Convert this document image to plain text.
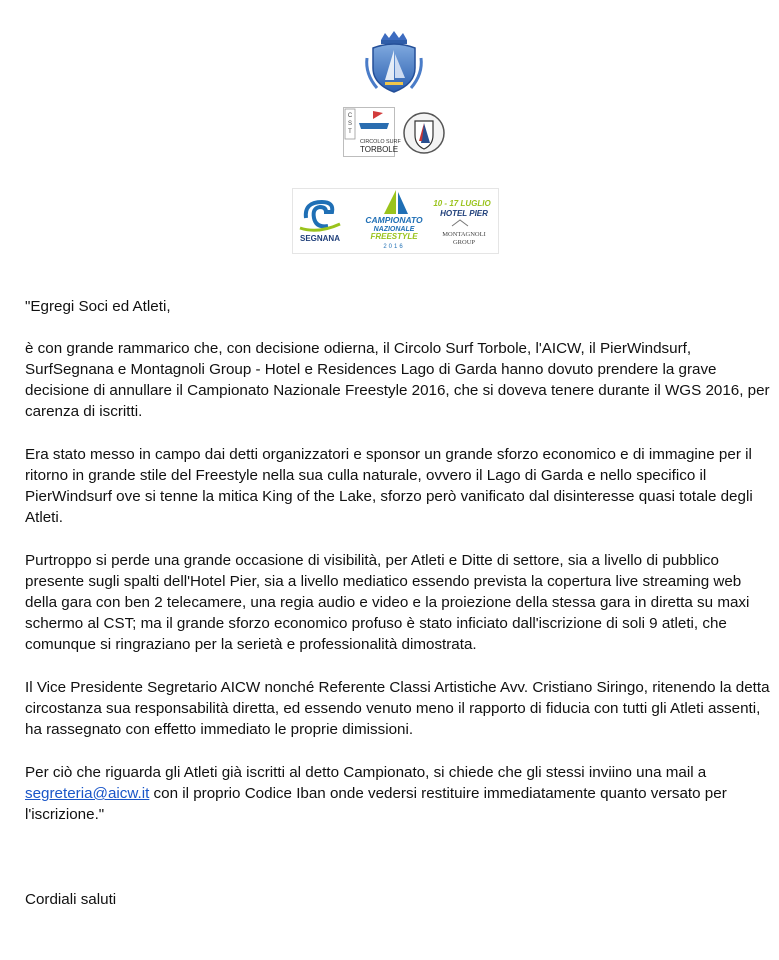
C
S
T
CIRCOLO SURF
TORBOLE
SEGNANA
CAMPIONATO
NAZIONALE
FREESTYLE
2016
10 - 17 LUGLIO
HOTEL PIER
MONTAGNOLI
GROUP

"Egregi Soci ed Atleti,

è con grande rammarico che, con decisione odierna, il Circolo Surf Torbole, l'AICW, il PierWindsurf, SurfSegnana e Montagnoli Group - Hotel e Residences Lago di Garda hanno dovuto prendere la grave decisione di annullare il Campionato Nazionale Freestyle 2016, che si doveva tenere durante il WGS 2016, per carenza di iscritti.

Era stato messo in campo dai detti organizzatori e sponsor un grande sforzo economico e di immagine per il ritorno in grande stile del Freestyle nella sua culla naturale, ovvero il Lago di Garda e nello specifico il PierWindsurf ove si tenne la mitica King of the Lake, sforzo però vanificato dal disinteresse quasi totale degli Atleti.

Purtroppo si perde una grande occasione di visibilità, per Atleti e Ditte di settore, sia a livello di pubblico presente sugli spalti dell'Hotel Pier, sia a livello mediatico essendo prevista la copertura live streaming web della gara con ben 2 telecamere, una regia audio e video e la proiezione della stessa gara in diretta su maxi schermo al CST; ma il grande sforzo economico profuso è stato inficiato dall'iscrizione di soli 9 atleti, che comunque si ringraziano per la serietà e professionalità dimostrata.

Il Vice Presidente Segretario AICW nonché Referente Classi Artistiche Avv. Cristiano Siringo, ritenendo la detta circostanza sua responsabilità diretta, ed essendo venuto meno il rapporto di fiducia con tutti gli Atleti assenti, ha rassegnato con effetto immediato le proprie dimissioni.

Per ciò che riguarda gli Atleti già iscritti al detto Campionato, si chiede che gli stessi inviino una mail a segreteria@aicw.it con il proprio Codice Iban onde vedersi restituire immediatamente quanto versato per l'iscrizione."

Cordiali saluti
